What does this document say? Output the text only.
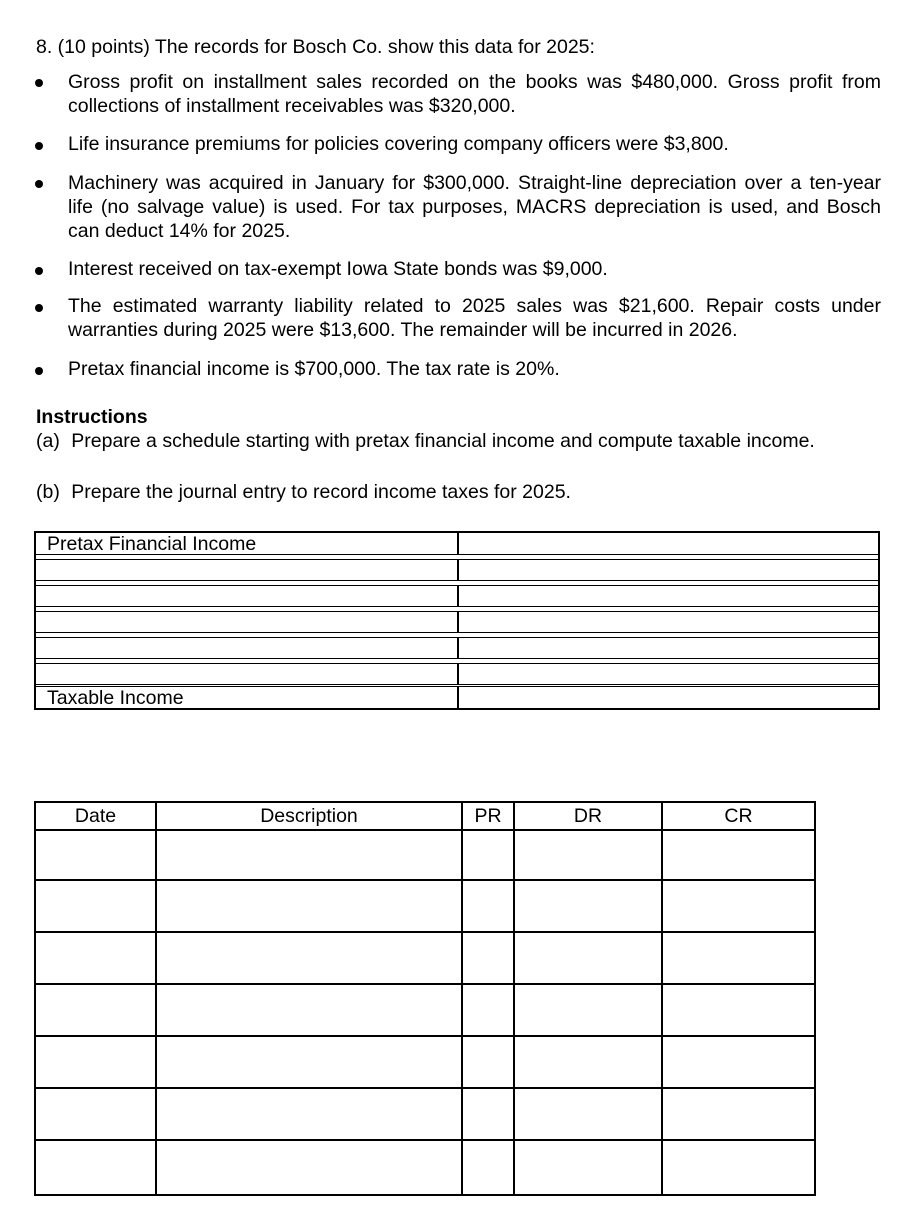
8. (10 points) The records for Bosch Co. show this data for 2025:
Gross profit on installment sales recorded on the books was $480,000. Gross profit from collections of installment receivables was $320,000.
Life insurance premiums for policies covering company officers were $3,800.
Machinery was acquired in January for $300,000. Straight-line depreciation over a ten-year life (no salvage value) is used. For tax purposes, MACRS depreciation is used, and Bosch can deduct 14% for 2025.
Interest received on tax-exempt Iowa State bonds was $9,000.
The estimated warranty liability related to 2025 sales was $21,600. Repair costs under warranties during 2025 were $13,600. The remainder will be incurred in 2026.
Pretax financial income is $700,000. The tax rate is 20%.
Instructions
(a) Prepare a schedule starting with pretax financial income and compute taxable income.
(b) Prepare the journal entry to record income taxes for 2025.
Pretax Financial Income
Taxable Income
Date	Description	PR	DR	CR
